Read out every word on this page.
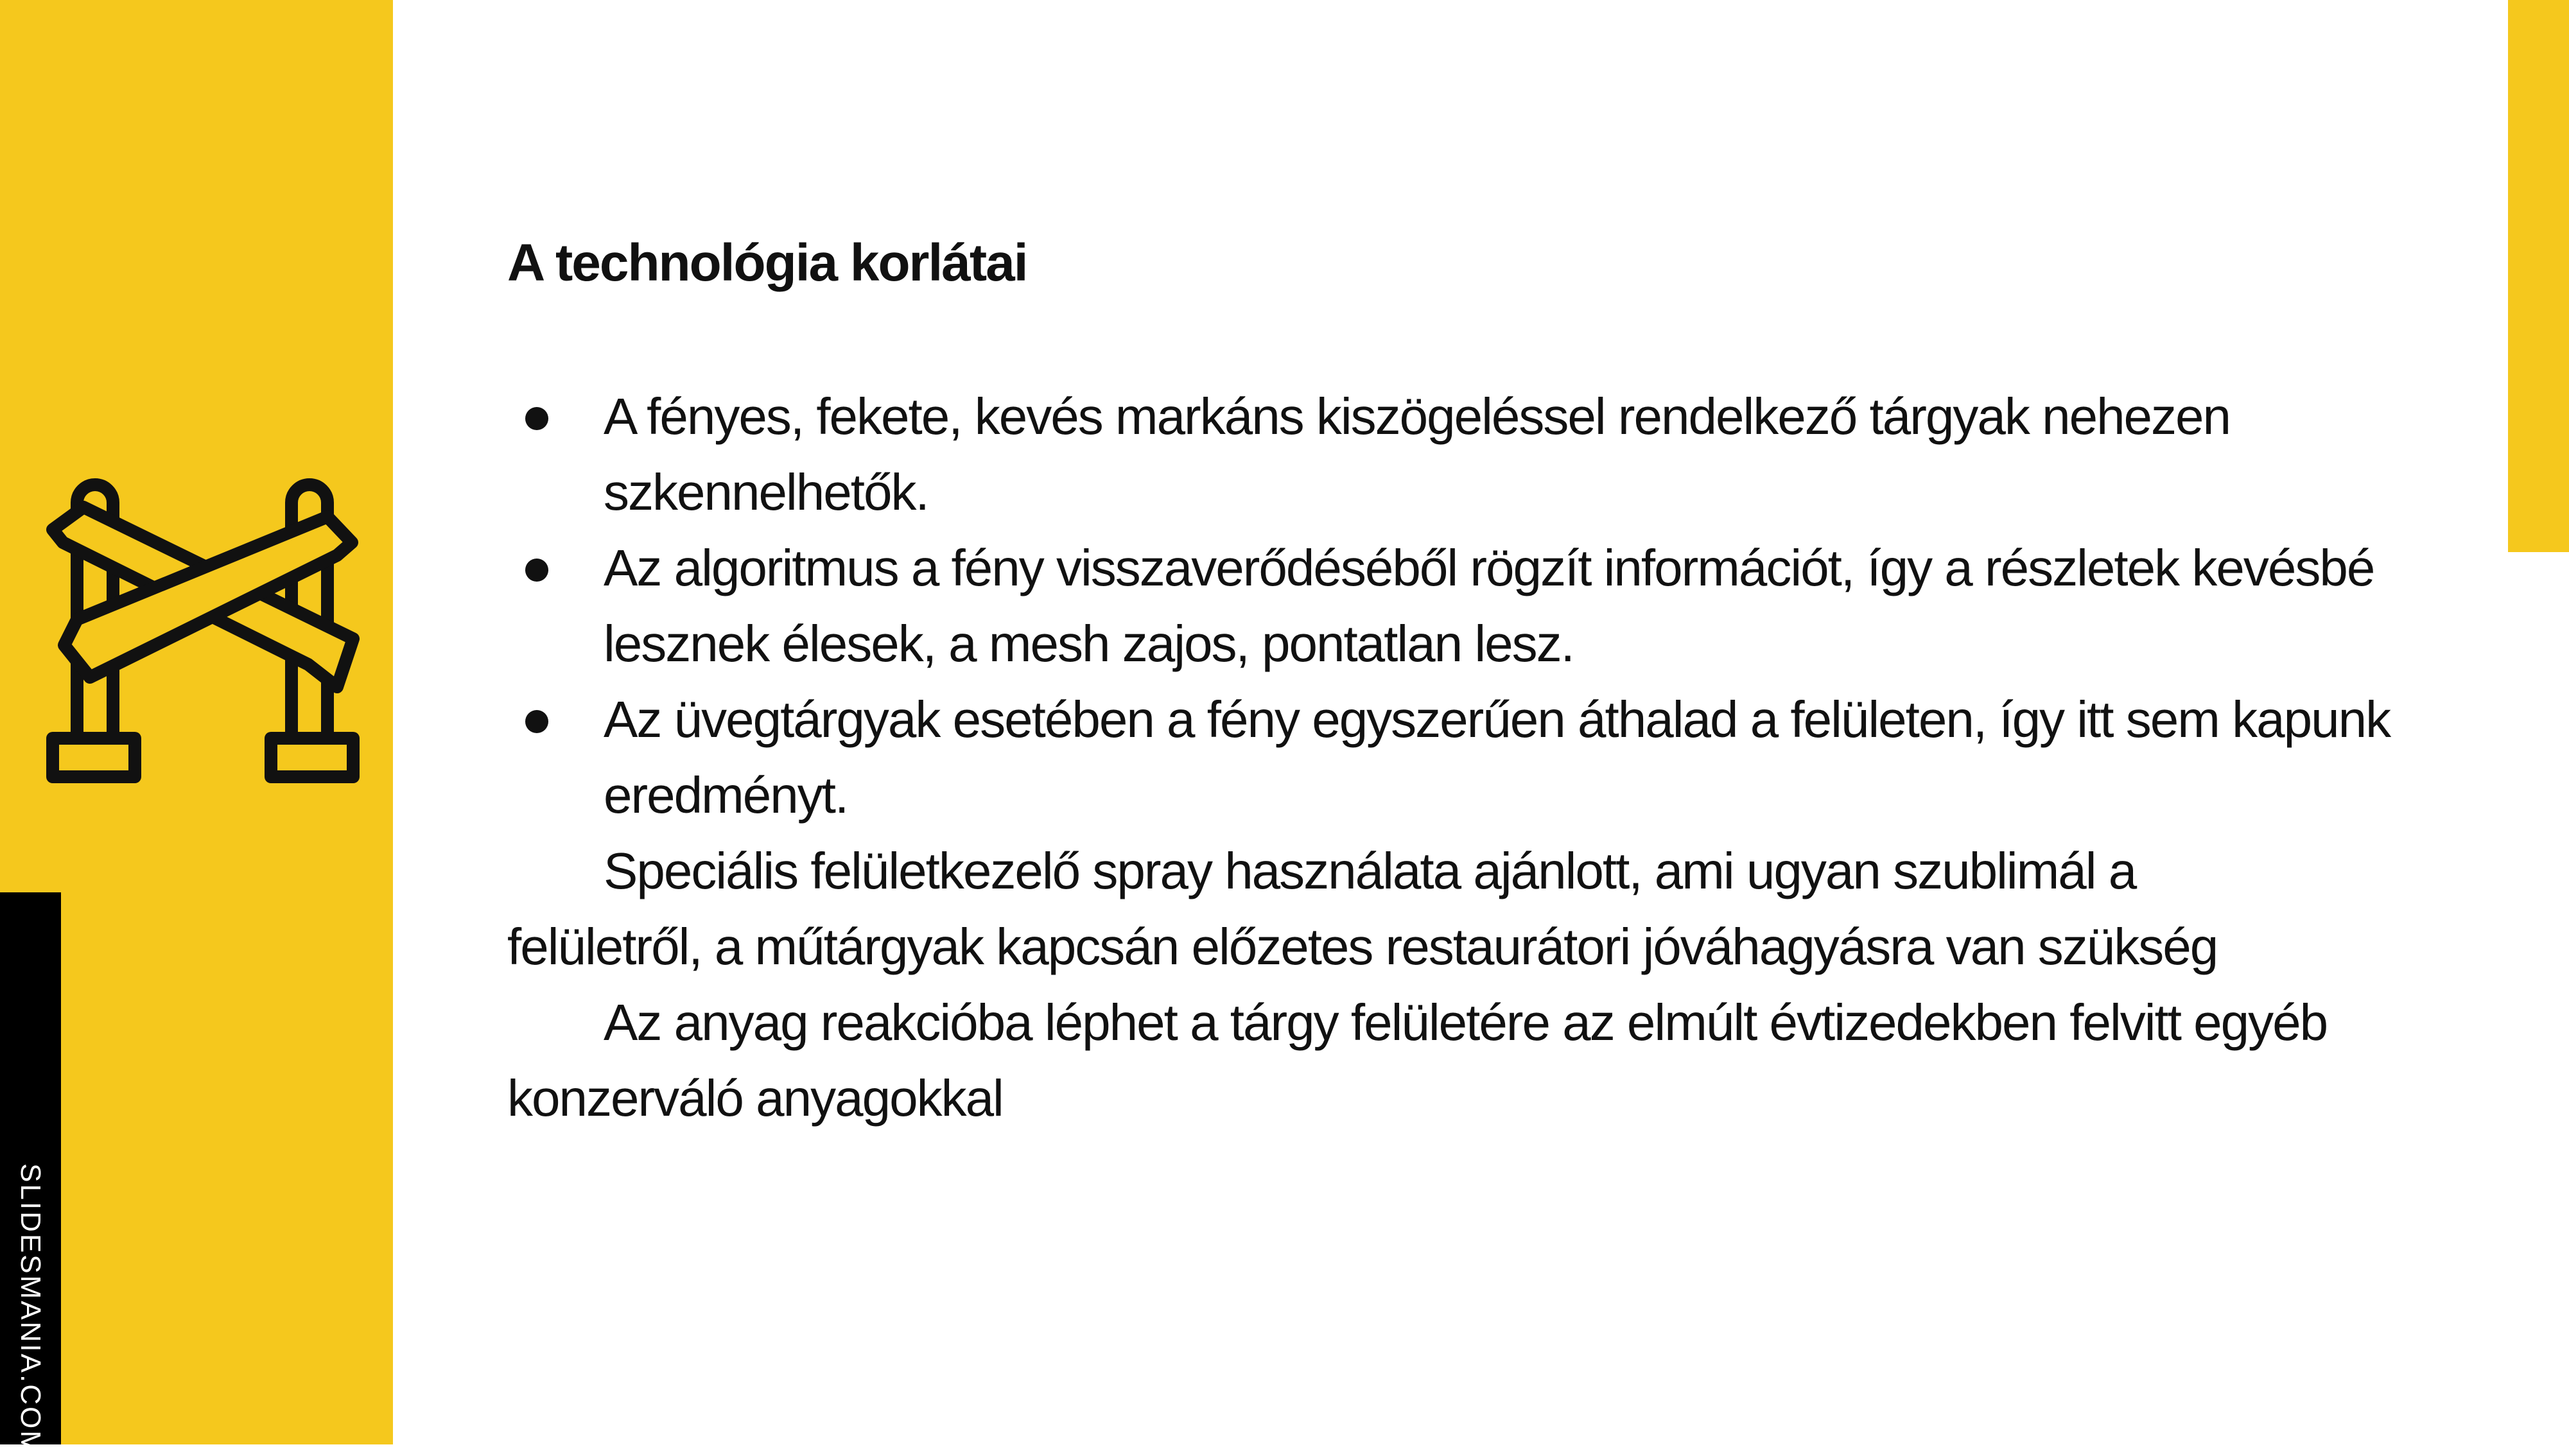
SLIDESMANIA.COM
A technológia korlátai
A fényes, fekete, kevés markáns kiszögeléssel rendelkező tárgyak nehezen szkennelhetők.
Az algoritmus a fény visszaverődéséből rögzít információt, így a részletek kevésbé lesznek élesek, a mesh zajos, pontatlan lesz.
Az üvegtárgyak esetében a fény egyszerűen áthalad a felületen, így itt sem kapunk eredményt.

Speciális felületkezelő spray használata ajánlott, ami ugyan szublimál a       felületről, a műtárgyak kapcsán előzetes restaurátori jóváhagyásra van szükség

Az anyag reakcióba léphet a tárgy felületére az elmúlt évtizedekben felvitt egyéb konzerváló anyagokkal
